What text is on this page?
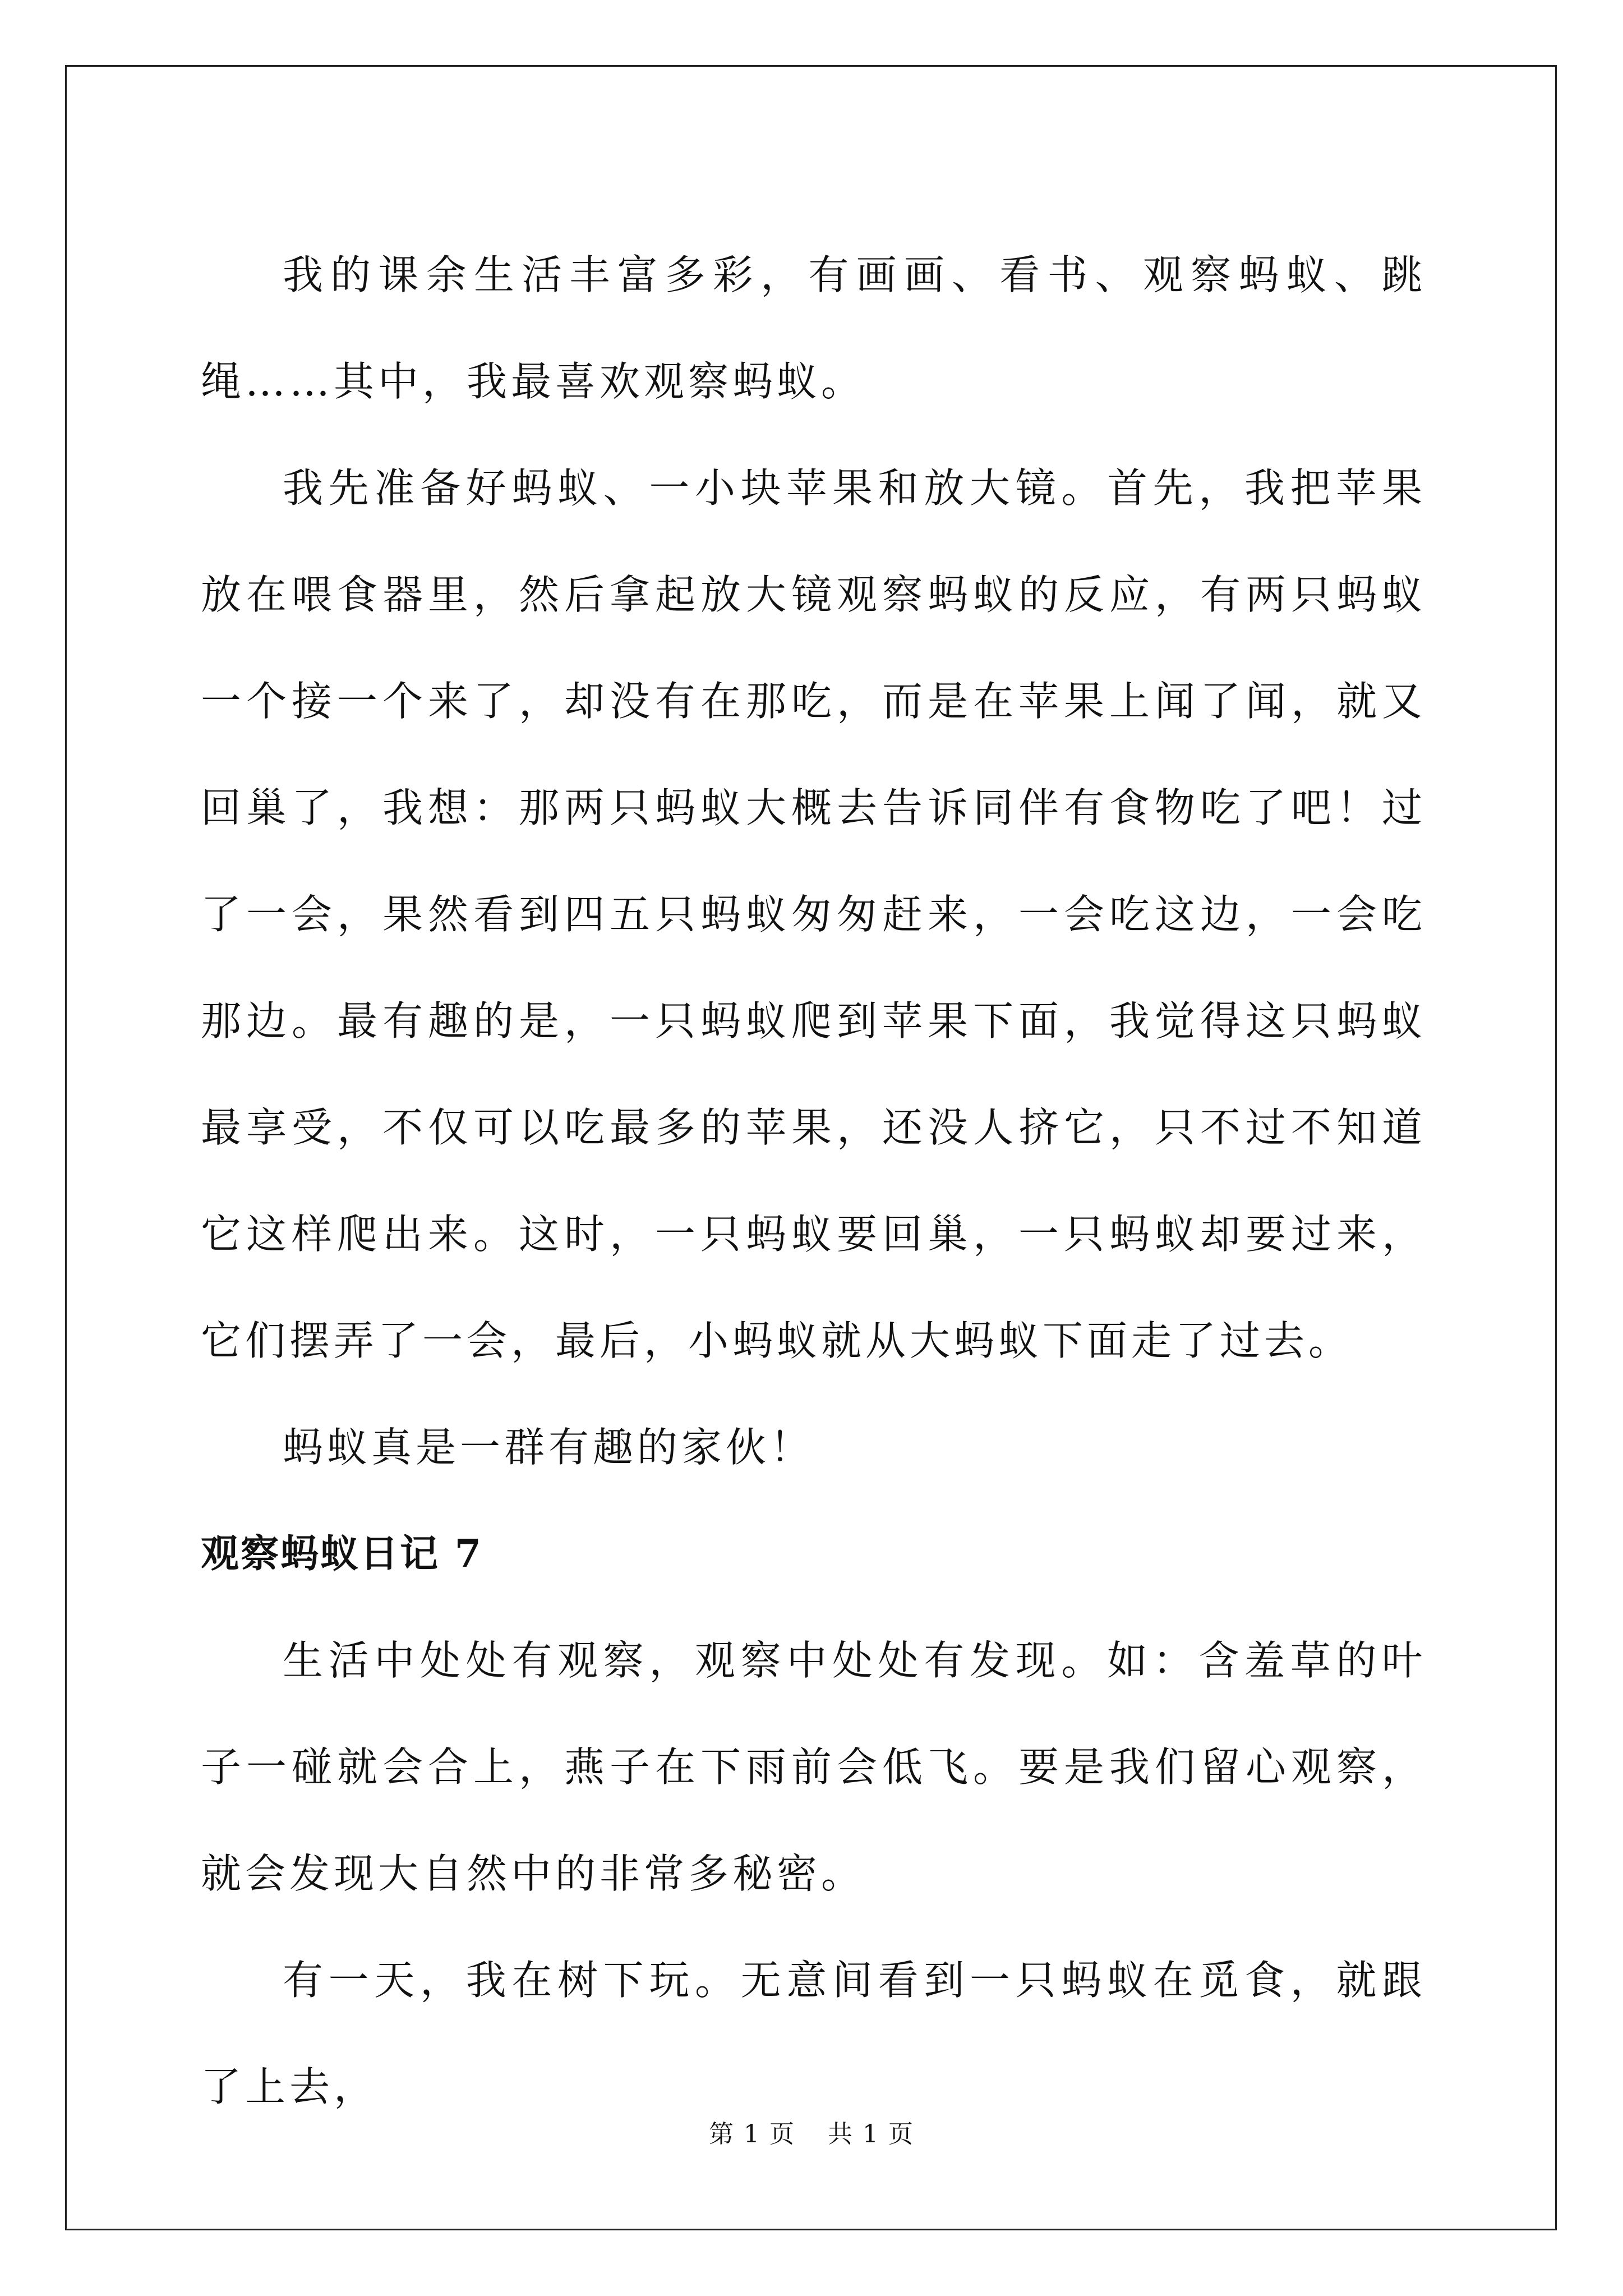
我的课余生活丰富多彩，有画画、看书、观察蚂蚁、跳绳……其中，我最喜欢观察蚂蚁。

我先准备好蚂蚁、一小块苹果和放大镜。首先，我把苹果放在喂食器里，然后拿起放大镜观察蚂蚁的反应，有两只蚂蚁一个接一个来了，却没有在那吃，而是在苹果上闻了闻，就又回巢了，我想：那两只蚂蚁大概去告诉同伴有食物吃了吧！过了一会，果然看到四五只蚂蚁匆匆赶来，一会吃这边，一会吃那边。最有趣的是，一只蚂蚁爬到苹果下面，我觉得这只蚂蚁最享受，不仅可以吃最多的苹果，还没人挤它，只不过不知道它这样爬出来。这时，一只蚂蚁要回巢，一只蚂蚁却要过来，它们摆弄了一会，最后，小蚂蚁就从大蚂蚁下面走了过去。

蚂蚁真是一群有趣的家伙！

观察蚂蚁日记 7

生活中处处有观察，观察中处处有发现。如：含羞草的叶子一碰就会合上，燕子在下雨前会低飞。要是我们留心观察，就会发现大自然中的非常多秘密。

有一天，我在树下玩。无意间看到一只蚂蚁在觅食，就跟了上去，

第 1 页 共 1 页
